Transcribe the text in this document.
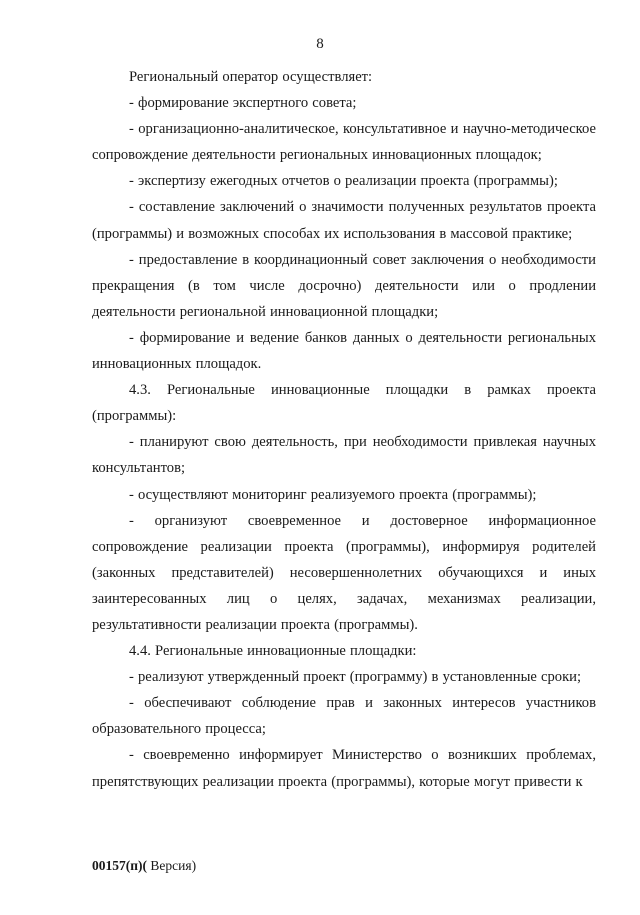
8

Региональный оператор осуществляет:

- формирование экспертного совета;

- организационно-аналитическое, консультативное и научно-методическое сопровождение деятельности региональных инновационных площадок;

- экспертизу ежегодных отчетов о реализации проекта (программы);

- составление заключений о значимости полученных результатов проекта (программы) и возможных способах их использования в массовой практике;

- предоставление в координационный совет заключения о необходимости прекращения (в том числе досрочно) деятельности или о продлении деятельности региональной инновационной площадки;

- формирование и ведение банков данных о деятельности региональных инновационных площадок.

4.3. Региональные инновационные площадки в рамках проекта (программы):

- планируют свою деятельность, при необходимости привлекая научных консультантов;

- осуществляют мониторинг реализуемого проекта (программы);

- организуют своевременное и достоверное информационное сопровождение реализации проекта (программы), информируя родителей (законных представителей) несовершеннолетних обучающихся и иных заинтересованных лиц о целях, задачах, механизмах реализации, результативности реализации проекта (программы).

4.4. Региональные инновационные площадки:

- реализуют утвержденный проект (программу) в установленные сроки;

- обеспечивают соблюдение прав и законных интересов участников образовательного процесса;

- своевременно информирует Министерство о возникших проблемах, препятствующих реализации проекта (программы), которые могут привести к

00157(п)( Версия)
